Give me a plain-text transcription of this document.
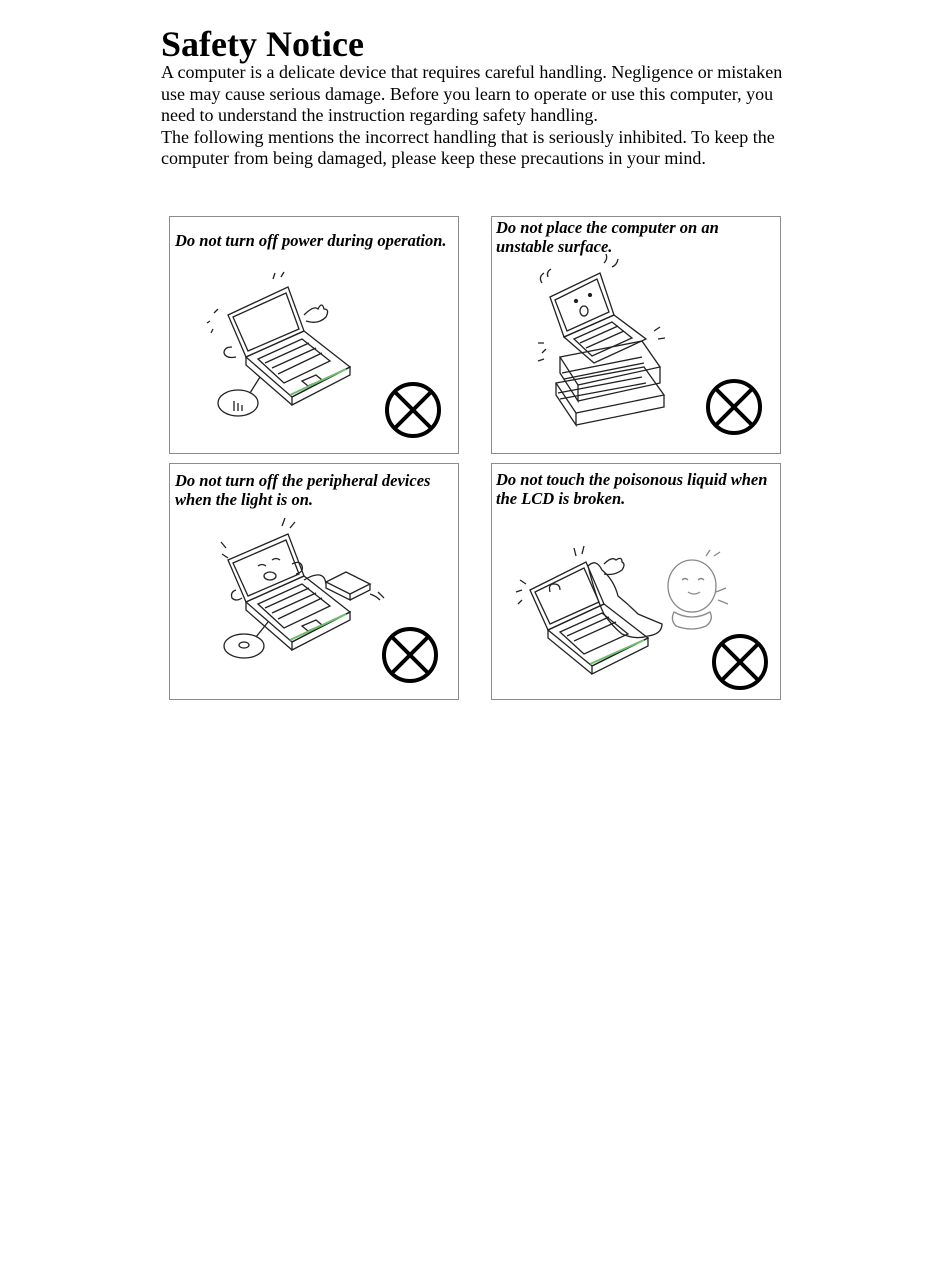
Safety Notice

A computer is a delicate device that requires careful handling. Negligence or mistaken use may cause serious damage. Before you learn to operate or use this computer, you need to understand the instruction regarding safety handling.

The following mentions the incorrect handling that is seriously inhibited. To keep the computer from being damaged, please keep these precautions in your mind.

Do not turn off power during operation.

Do not place the computer on an unstable surface.

Do not turn off the peripheral devices when the light is on.

Do not touch the poisonous liquid when the LCD is broken.
